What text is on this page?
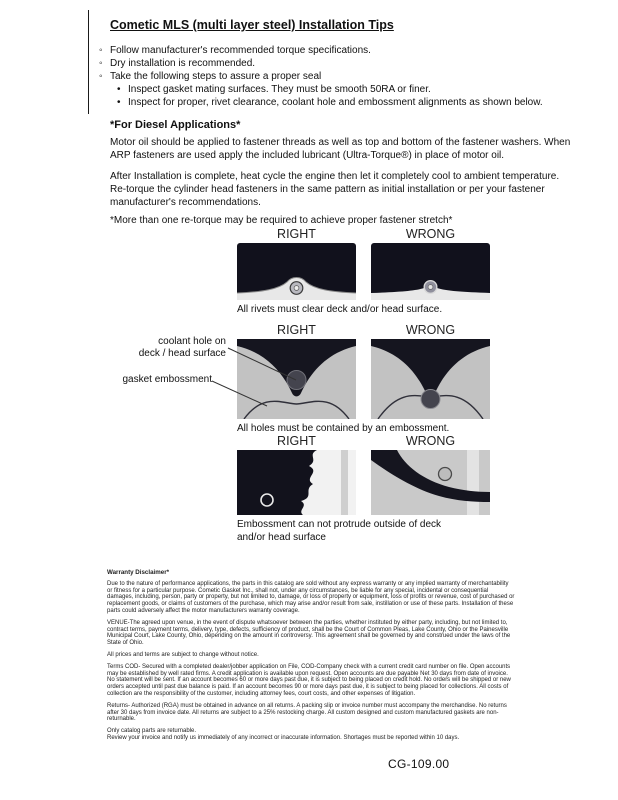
Cometic MLS (multi layer steel) Installation Tips
◦ Follow manufacturer's recommended torque specifications.
◦ Dry installation is recommended.
◦ Take the following steps to assure a proper seal
• Inspect gasket mating surfaces. They must be smooth 50RA or finer.
• Inspect for proper, rivet clearance, coolant hole and embossment alignments as shown below.
*For Diesel Applications*

Motor oil should be applied to fastener threads as well as top and bottom of the fastener washers. When ARP fasteners are used apply the included lubricant (Ultra-Torque®) in place of motor oil.

After Installation is complete, heat cycle the engine then let it completely cool to ambient temperature. Re-torque the cylinder head fasteners in the same pattern as initial installation or per your fastener manufacturer's recommendations.

*More than one re-torque may be required to achieve proper fastener stretch*

RIGHT	WRONG
All rivets must clear deck and/or head surface.
RIGHT	WRONG
All holes must be contained by an embossment.
RIGHT	WRONG
Embossment can not protrude outside of deck
and/or head surface
coolant hole on
deck / head surface
gasket embossment
Warranty Disclaimer*

Due to the nature of performance applications, the parts in this catalog are sold without any express warranty or any implied warranty of merchantability or fitness for a particular purpose. Cometic Gasket Inc., shall not, under any circumstances, be liable for any special, incidental or consequential damages, including, person, party or property, but not limited to, damage, or loss of property or equipment, loss of profits or revenue, cost of purchased or replacement goods, or claims of customers of the purchase, which may arise and/or result from sale, instillation or use of these parts. Installation of these parts could adversely affect the motor manufacturers warranty coverage.

VENUE-The agreed upon venue, in the event of dispute whatsoever between the parties, whether instituted by either party, including, but not limited to, contract terms, payment terms, delivery, type, defects, sufficiency of product, shall be the Court of Common Pleas, Lake County, Ohio or the Painesville Municipal Court, Lake County, Ohio, depending on the amount in controversy. This agreement shall be governed by and construed under the laws of the State of Ohio.

All prices and terms are subject to change without notice.

Terms COD- Secured with a completed dealer/jobber application on File, COD-Company check with a current credit card number on file. Open accounts may be established by well rated firms. A credit application is available upon request. Open accounts are due payable Net 30 days from date of invoice. No statement will be sent. If an account becomes 60 or more days past due, it is subject to being placed on credit hold. No orders will be shipped or new orders accepted until past due balance is paid. If an account becomes 90 or more days past due, it is subject to being placed for collections. All costs of collection are the responsibility of the customer, including attorney fees, court costs, and other expenses of litigation.

Returns- Authorized (RGA) must be obtained in advance on all returns. A packing slip or invoice number must accompany the merchandise. No returns after 30 days from invoice date. All returns are subject to a 25% restocking charge. All custom designed and custom manufactured gaskets are non-returnable.

Only catalog parts are returnable.

Review your invoice and notify us immediately of any incorrect or inaccurate information. Shortages must be reported within 10 days.

CG-109.00
